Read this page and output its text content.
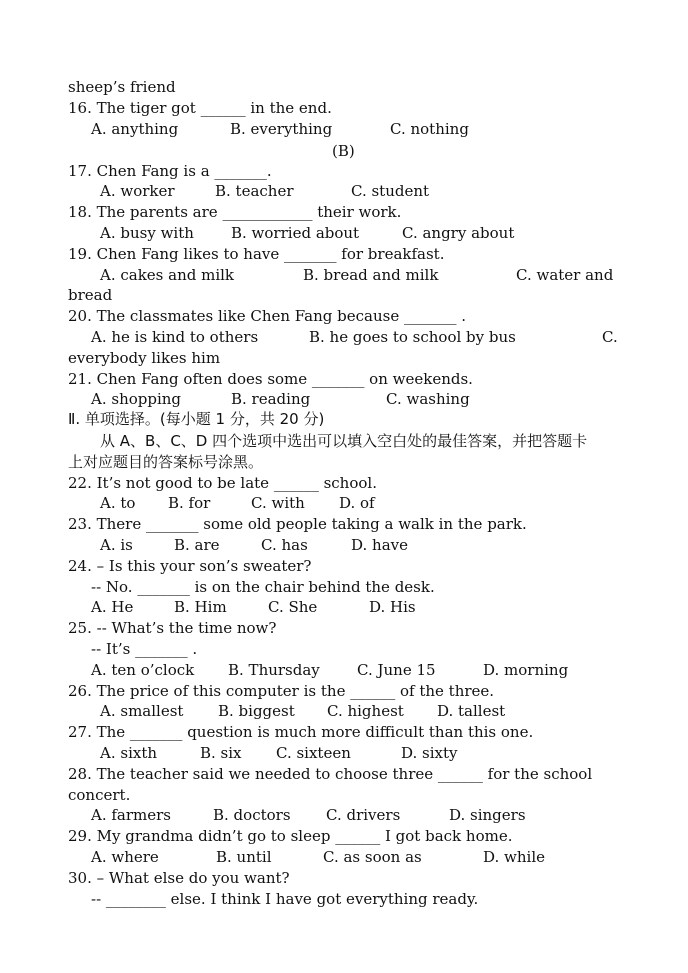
sheep’s friend

16. The tiger got ______ in the end.

A. anything

	B. everything

	C. nothing

(B)

17. Chen Fang is a _______.

A. worker

	B. teacher

	C. student

18. The parents are ____________ their work.

A. busy with

B. worried about

	C. angry about

19. Chen Fang likes to have _______ for breakfast.

A. cakes and milk

	B. bread and milk

	C. water and

bread

20. The classmates like Chen Fang because _______ .

A. he is kind to others

	B. he goes to school by bus

	C.

everybody likes him

21. Chen Fang often does some _______ on weekends.

A. shopping

	B. reading

	C. washing

Ⅱ. 单项选择。(每小题 1 分，共 20 分)

从 A、B、C、D 四个选项中选出可以填入空白处的最佳答案，并把答题卡

上对应题目的答案标号涂黑。

22. It’s not good to be late ______ school.

A. to

B. for

	C. with

D. of

23. There _______ some old people taking a walk in the park.

A. is

	B. are

	C. has

	D. have

24. – Is this your son’s sweater?

-- No. _______ is on the chair behind the desk.

A. He

	B. Him

	C. She

	D. His

25. -- What’s the time now?

-- It’s _______ .

A. ten o’clock

B. Thursday

C. June 15

	D. morning

26. The price of this computer is the ______ of the three.

A. smallest

B. biggest

C. highest

D. tallest

27. The _______ question is much more difficult than this one.

A. sixth

	B. six

C. sixteen

	D. sixty

28. The teacher said we needed to choose three ______ for the school

concert.

A. farmers

	B. doctors

C. drivers

	D. singers

29. My grandma didn’t go to sleep ______ I got back home.

A. where

	B. until

	C. as soon as

	D. while

30. – What else do you want?

-- ________ else. I think I have got everything ready.
